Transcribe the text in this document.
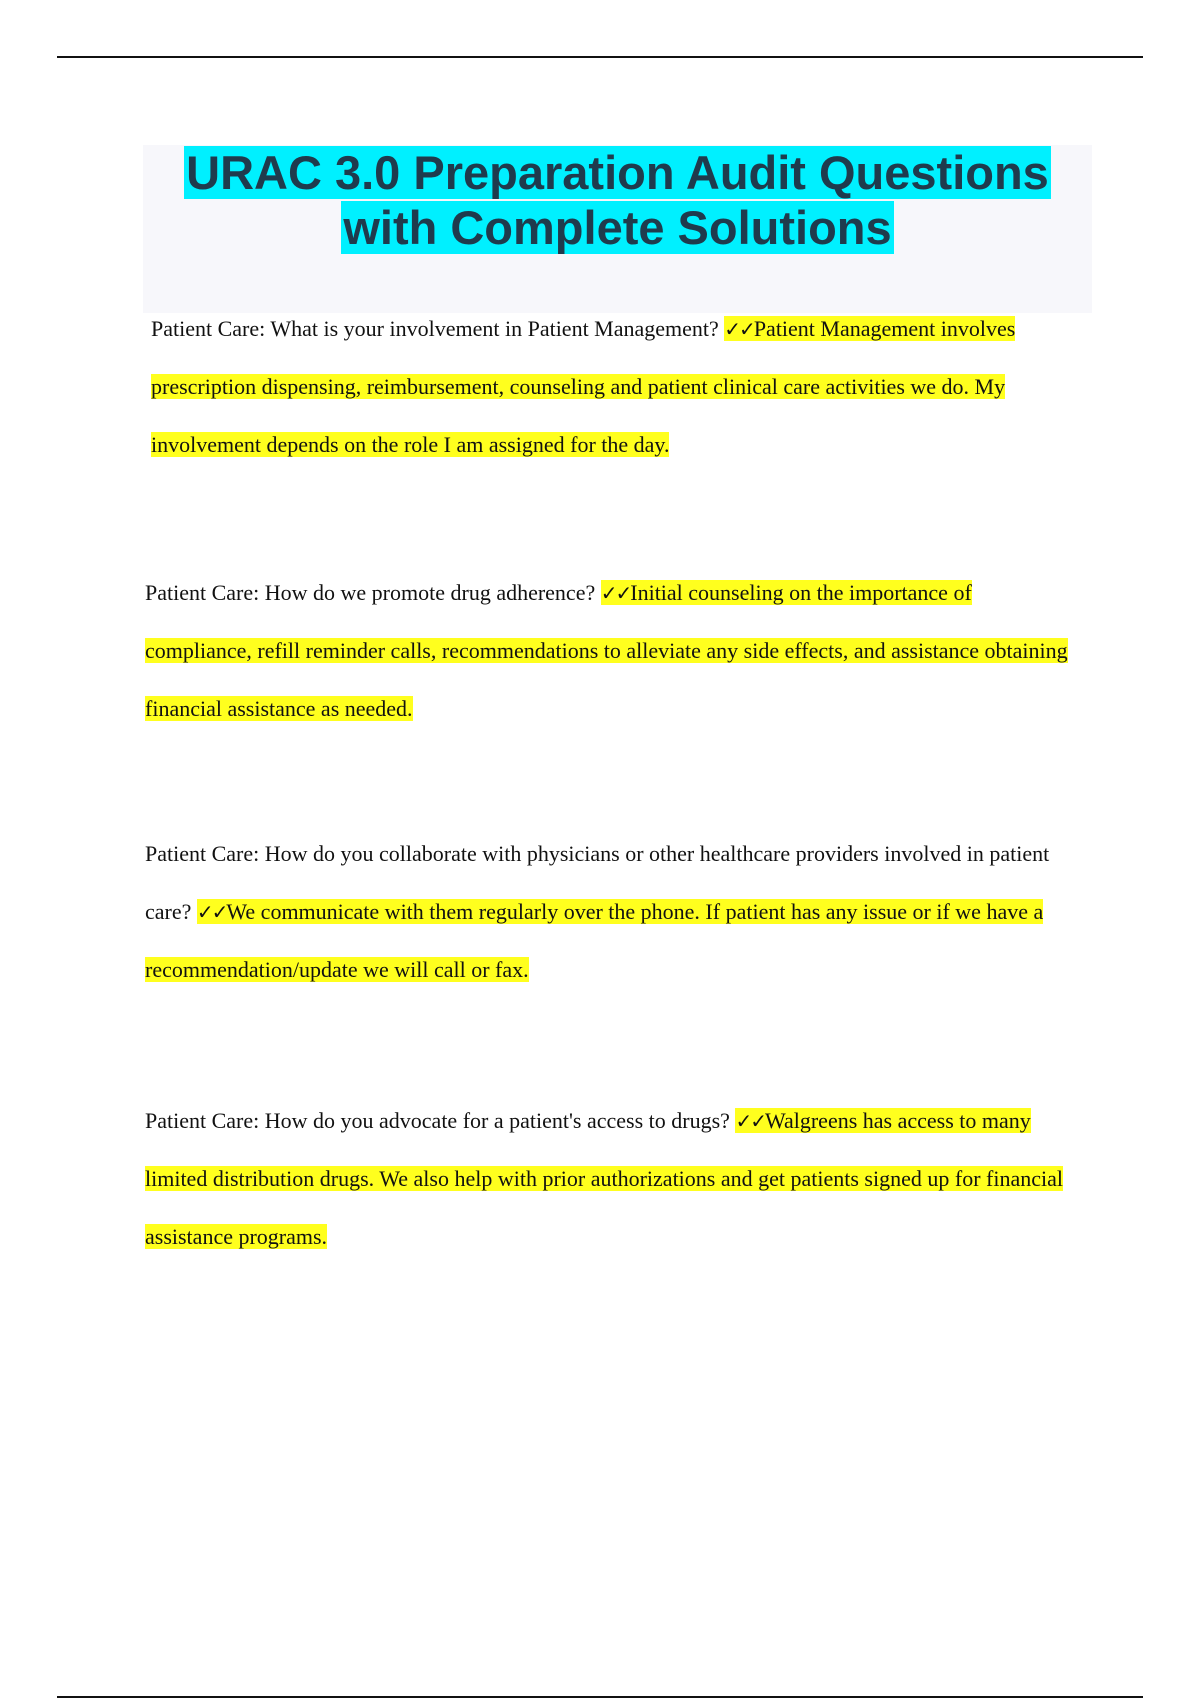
URAC 3.0 Preparation Audit Questions
with Complete Solutions

Patient Care: What is your involvement in Patient Management? ✓✓Patient Management involves prescription dispensing, reimbursement, counseling and patient clinical care activities we do. My involvement depends on the role I am assigned for the day.

Patient Care: How do we promote drug adherence? ✓✓Initial counseling on the importance of compliance, refill reminder calls, recommendations to alleviate any side effects, and assistance obtaining financial assistance as needed.

Patient Care: How do you collaborate with physicians or other healthcare providers involved in patient care? ✓✓We communicate with them regularly over the phone. If patient has any issue or if we have a recommendation/update we will call or fax.

Patient Care: How do you advocate for a patient's access to drugs? ✓✓Walgreens has access to many limited distribution drugs. We also help with prior authorizations and get patients signed up for financial assistance programs.
